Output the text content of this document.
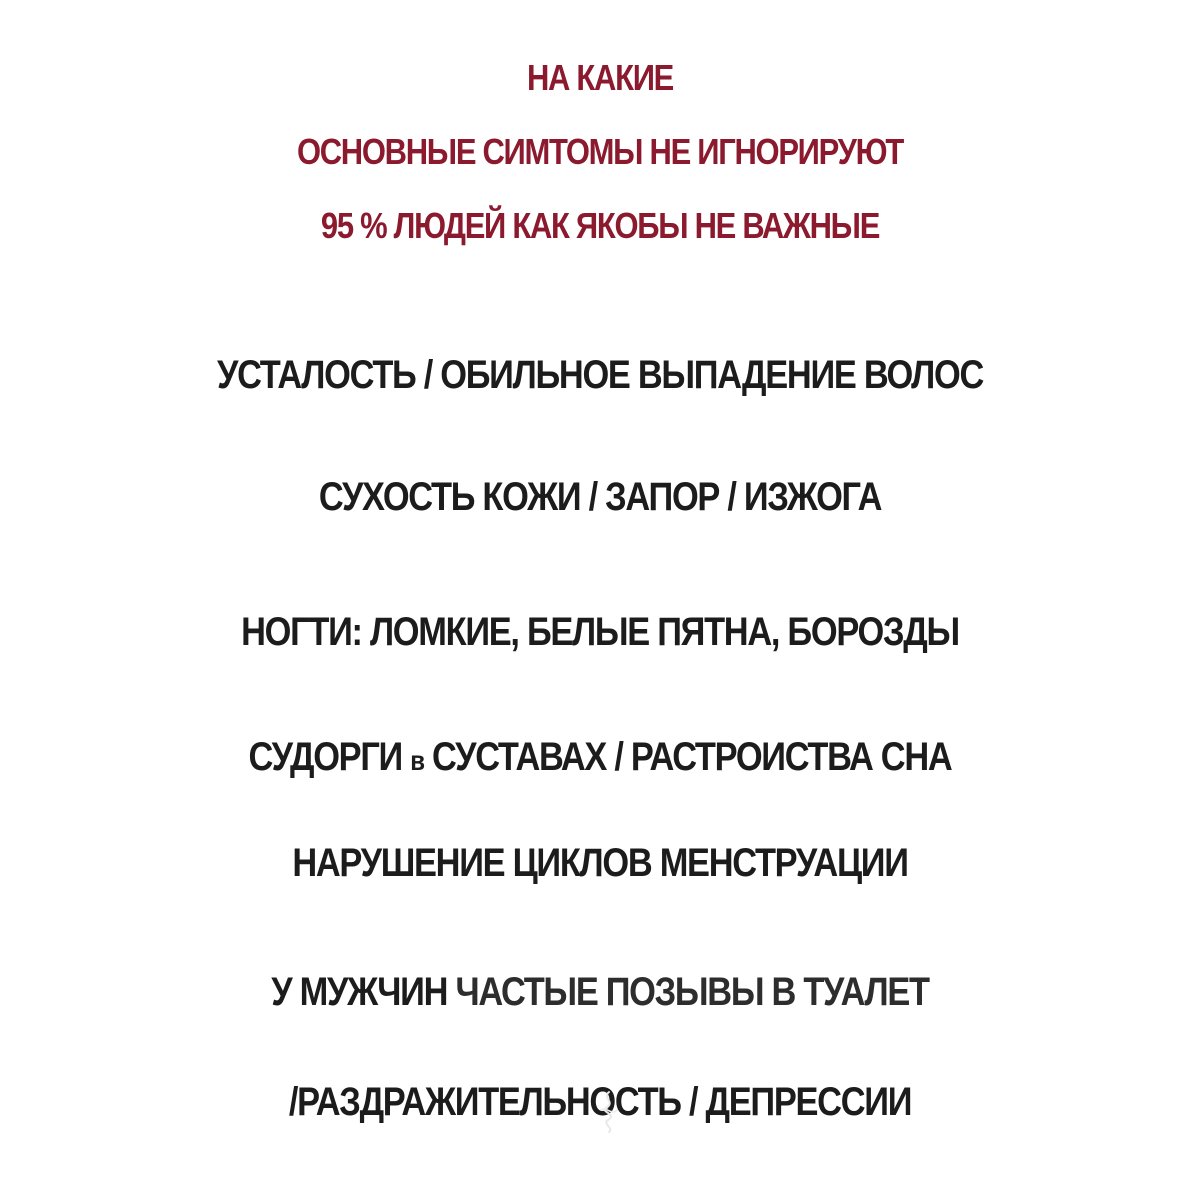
НА КАКИЕ
ОСНОВНЫЕ СИМТОМЫ НЕ ИГНОРИРУЮТ
95 % ЛЮДЕЙ КАК ЯКОБЫ НЕ ВАЖНЫЕ
УСТАЛОСТЬ / ОБИЛЬНОЕ ВЫПАДЕНИЕ ВОЛОС
СУХОСТЬ КОЖИ / ЗАПОР / ИЗЖОГА
НОГТИ: ЛОМКИЕ, БЕЛЫЕ ПЯТНА, БОРОЗДЫ
СУДОРГИ в СУСТАВАХ / РАСТРОИСТВА СНА
НАРУШЕНИЕ ЦИКЛОВ МЕНСТРУАЦИИ
У МУЖЧИН ЧАСТЫЕ ПОЗЫВЫ В ТУАЛЕТ
/РАЗДРАЖИТЕЛЬНОСТЬ / ДЕПРЕССИИ
